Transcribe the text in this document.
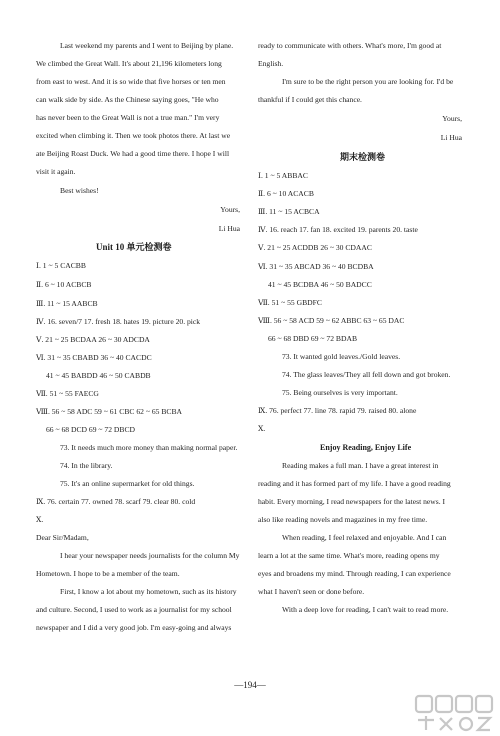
Last weekend my parents and I went to Beijing by plane.
We climbed the Great Wall. It's about 21,196 kilometers long
from east to west. And it is so wide that five horses or ten men
can walk side by side. As the Chinese saying goes, "He who
has never been to the Great Wall is not a true man." I'm very
excited when climbing it. Then we took photos there. At last we
ate Beijing Roast Duck. We had a good time there. I hope I will
visit it again.
Best wishes!
Yours,
Li Hua
Unit 10 单元检测卷
Ⅰ. 1 ~ 5 CACBB
Ⅱ. 6 ~ 10 ACBCB
Ⅲ. 11 ~ 15 AABCB
Ⅳ. 16. seven/7 17. fresh 18. hates 19. picture 20. pick
Ⅴ. 21 ~ 25 BCDAA 26 ~ 30 ADCDA
Ⅵ. 31 ~ 35 CBABD 36 ~ 40 CACDC
41 ~ 45 BABDD 46 ~ 50 CABDB
Ⅶ. 51 ~ 55 FAECG
Ⅷ. 56 ~ 58 ADC 59 ~ 61 CBC 62 ~ 65 BCBA
66 ~ 68 DCD 69 ~ 72 DBCD
73. It needs much more money than making normal paper.
74. In the library.
75. It's an online supermarket for old things.
Ⅸ. 76. certain 77. owned 78. scarf 79. clear 80. cold
Ⅹ.
Dear Sir/Madam,
I hear your newspaper needs journalists for the column My
Hometown. I hope to be a member of the team.
First, I know a lot about my hometown, such as its history
and culture. Second, I used to work as a journalist for my school
newspaper and I did a very good job. I'm easy-going and always
ready to communicate with others. What's more, I'm good at
English.
I'm sure to be the right person you are looking for. I'd be
thankful if I could get this chance.
Yours,
Li Hua
期末检测卷
Ⅰ. 1 ~ 5 ABBAC
Ⅱ. 6 ~ 10 ACACB
Ⅲ. 11 ~ 15 ACBCA
Ⅳ. 16. reach 17. fan 18. excited 19. parents 20. taste
Ⅴ. 21 ~ 25 ACDDB 26 ~ 30 CDAAC
Ⅵ. 31 ~ 35 ABCAD 36 ~ 40 BCDBA
41 ~ 45 BCDBA 46 ~ 50 BADCC
Ⅶ. 51 ~ 55 GBDFC
Ⅷ. 56 ~ 58 ACD 59 ~ 62 ABBC 63 ~ 65 DAC
66 ~ 68 DBD 69 ~ 72 BDAB
73. It wanted gold leaves./Gold leaves.
74. The glass leaves/They all fell down and got broken.
75. Being ourselves is very important.
Ⅸ. 76. perfect 77. line 78. rapid 79. raised 80. alone
Ⅹ.
Enjoy Reading, Enjoy Life
Reading makes a full man. I have a great interest in
reading and it has formed part of my life. I have a good reading
habit. Every morning, I read newspapers for the latest news. I
also like reading novels and magazines in my free time.
When reading, I feel relaxed and enjoyable. And I can
learn a lot at the same time. What's more, reading opens my
eyes and broadens my mind. Through reading, I can experience
what I haven't seen or done before.
With a deep love for reading, I can't wait to read more.
—194—
